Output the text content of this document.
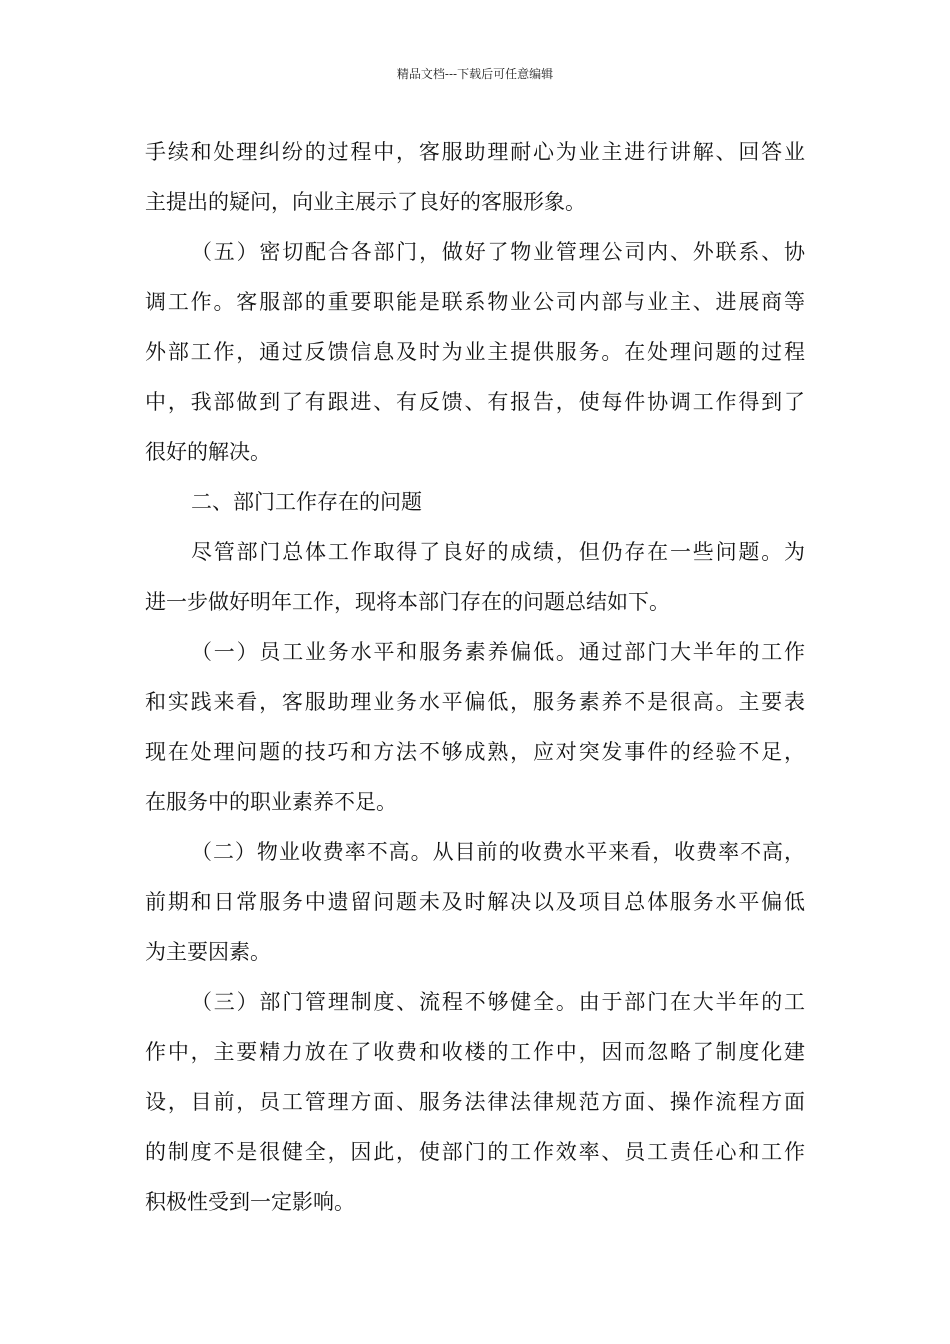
精品文档---下载后可任意编辑
手续和处理纠纷的过程中，客服助理耐心为业主进行讲解、回答业
主提出的疑问，向业主展示了良好的客服形象。
（五）密切配合各部门，做好了物业管理公司内、外联系、协
调工作。客服部的重要职能是联系物业公司内部与业主、进展商等
外部工作，通过反馈信息及时为业主提供服务。在处理问题的过程
中，我部做到了有跟进、有反馈、有报告，使每件协调工作得到了
很好的解决。
二、部门工作存在的问题
尽管部门总体工作取得了良好的成绩，但仍存在一些问题。为
进一步做好明年工作，现将本部门存在的问题总结如下。
（一）员工业务水平和服务素养偏低。通过部门大半年的工作
和实践来看，客服助理业务水平偏低，服务素养不是很高。主要表
现在处理问题的技巧和方法不够成熟，应对突发事件的经验不足，
在服务中的职业素养不足。
（二）物业收费率不高。从目前的收费水平来看，收费率不高，
前期和日常服务中遗留问题未及时解决以及项目总体服务水平偏低
为主要因素。
（三）部门管理制度、流程不够健全。由于部门在大半年的工
作中，主要精力放在了收费和收楼的工作中，因而忽略了制度化建
设，目前，员工管理方面、服务法律法律规范方面、操作流程方面
的制度不是很健全，因此，使部门的工作效率、员工责任心和工作
积极性受到一定影响。
